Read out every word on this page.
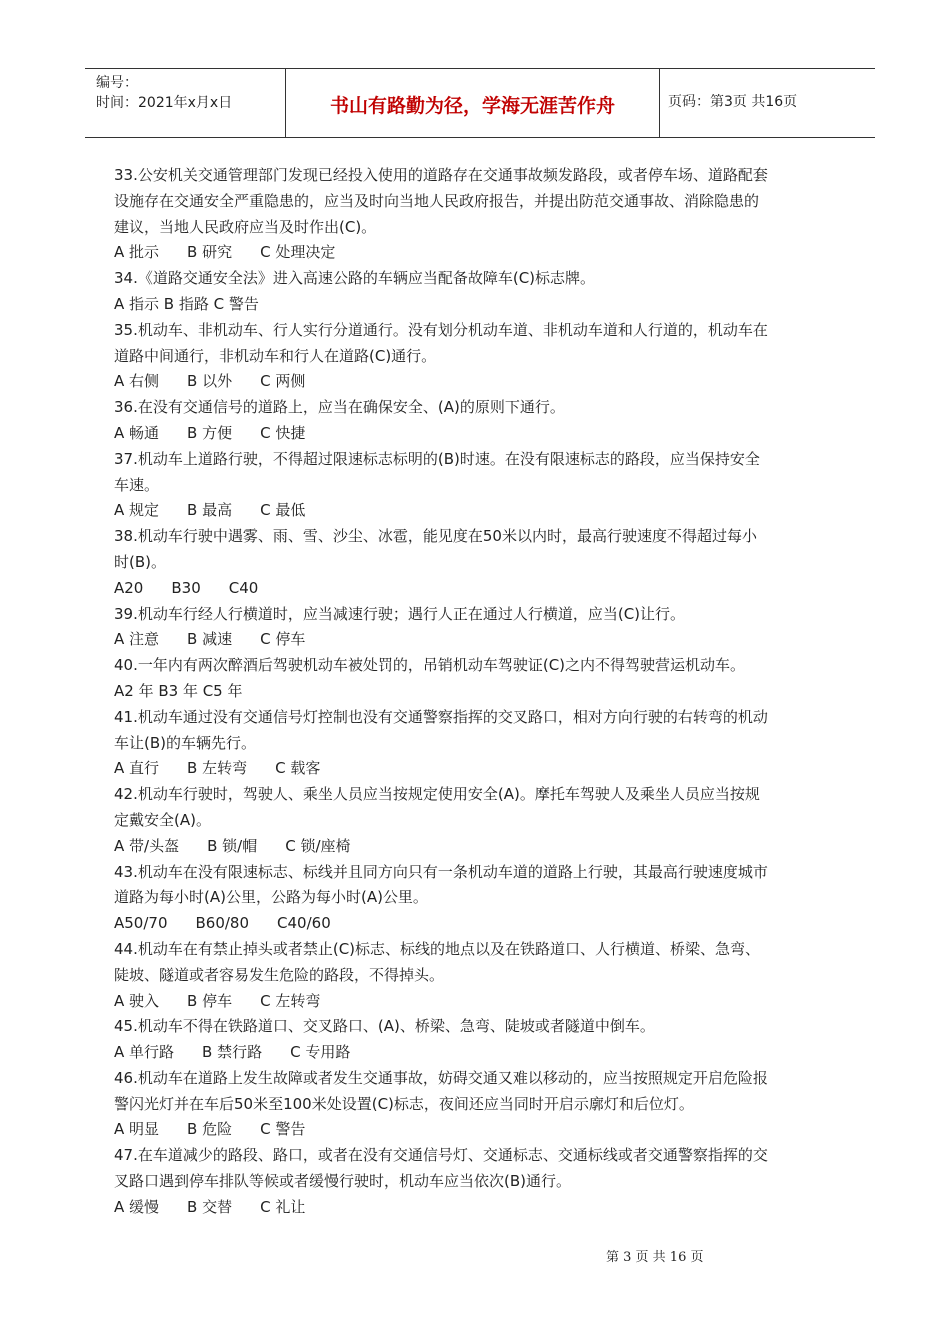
编号：
时间：2021年x月x日	书山有路勤为径，学海无涯苦作舟	页码：第3页 共16页

33.公安机关交通管理部门发现已经投入使用的道路存在交通事故频发路段，或者停车场、道路配套

设施存在交通安全严重隐患的，应当及时向当地人民政府报告，并提出防范交通事故、消除隐患的

建议，当地人民政府应当及时作出(C)。

A 批示 B 研究 C 处理决定

34.《道路交通安全法》进入高速公路的车辆应当配备故障车(C)标志牌。

A 指示 B 指路 C 警告

35.机动车、非机动车、行人实行分道通行。没有划分机动车道、非机动车道和人行道的，机动车在

道路中间通行，非机动车和行人在道路(C)通行。

A 右侧 B 以外 C 两侧

36.在没有交通信号的道路上，应当在确保安全、(A)的原则下通行。

A 畅通 B 方便 C 快捷

37.机动车上道路行驶，不得超过限速标志标明的(B)时速。在没有限速标志的路段，应当保持安全

车速。

A 规定 B 最高 C 最低

38.机动车行驶中遇雾、雨、雪、沙尘、冰雹，能见度在50米以内时，最高行驶速度不得超过每小

时(B)。

A20 B30 C40

39.机动车行经人行横道时，应当减速行驶；遇行人正在通过人行横道，应当(C)让行。

A 注意 B 减速 C 停车

40.一年内有两次醉酒后驾驶机动车被处罚的，吊销机动车驾驶证(C)之内不得驾驶营运机动车。

A2 年 B3 年 C5 年

41.机动车通过没有交通信号灯控制也没有交通警察指挥的交叉路口，相对方向行驶的右转弯的机动

车让(B)的车辆先行。

A 直行 B 左转弯 C 载客

42.机动车行驶时，驾驶人、乘坐人员应当按规定使用安全(A)。摩托车驾驶人及乘坐人员应当按规

定戴安全(A)。

A 带/头盔 B 锁/帽 C 锁/座椅

43.机动车在没有限速标志、标线并且同方向只有一条机动车道的道路上行驶，其最高行驶速度城市

道路为每小时(A)公里，公路为每小时(A)公里。

A50/70 B60/80 C40/60

44.机动车在有禁止掉头或者禁止(C)标志、标线的地点以及在铁路道口、人行横道、桥梁、急弯、

陡坡、隧道或者容易发生危险的路段，不得掉头。

A 驶入 B 停车 C 左转弯

45.机动车不得在铁路道口、交叉路口、(A)、桥梁、急弯、陡坡或者隧道中倒车。

A 单行路 B 禁行路 C 专用路

46.机动车在道路上发生故障或者发生交通事故，妨碍交通又难以移动的，应当按照规定开启危险报

警闪光灯并在车后50米至100米处设置(C)标志，夜间还应当同时开启示廓灯和后位灯。

A 明显 B 危险 C 警告

47.在车道减少的路段、路口，或者在没有交通信号灯、交通标志、交通标线或者交通警察指挥的交

叉路口遇到停车排队等候或者缓慢行驶时，机动车应当依次(B)通行。

A 缓慢 B 交替 C 礼让

第 3 页 共 16 页
